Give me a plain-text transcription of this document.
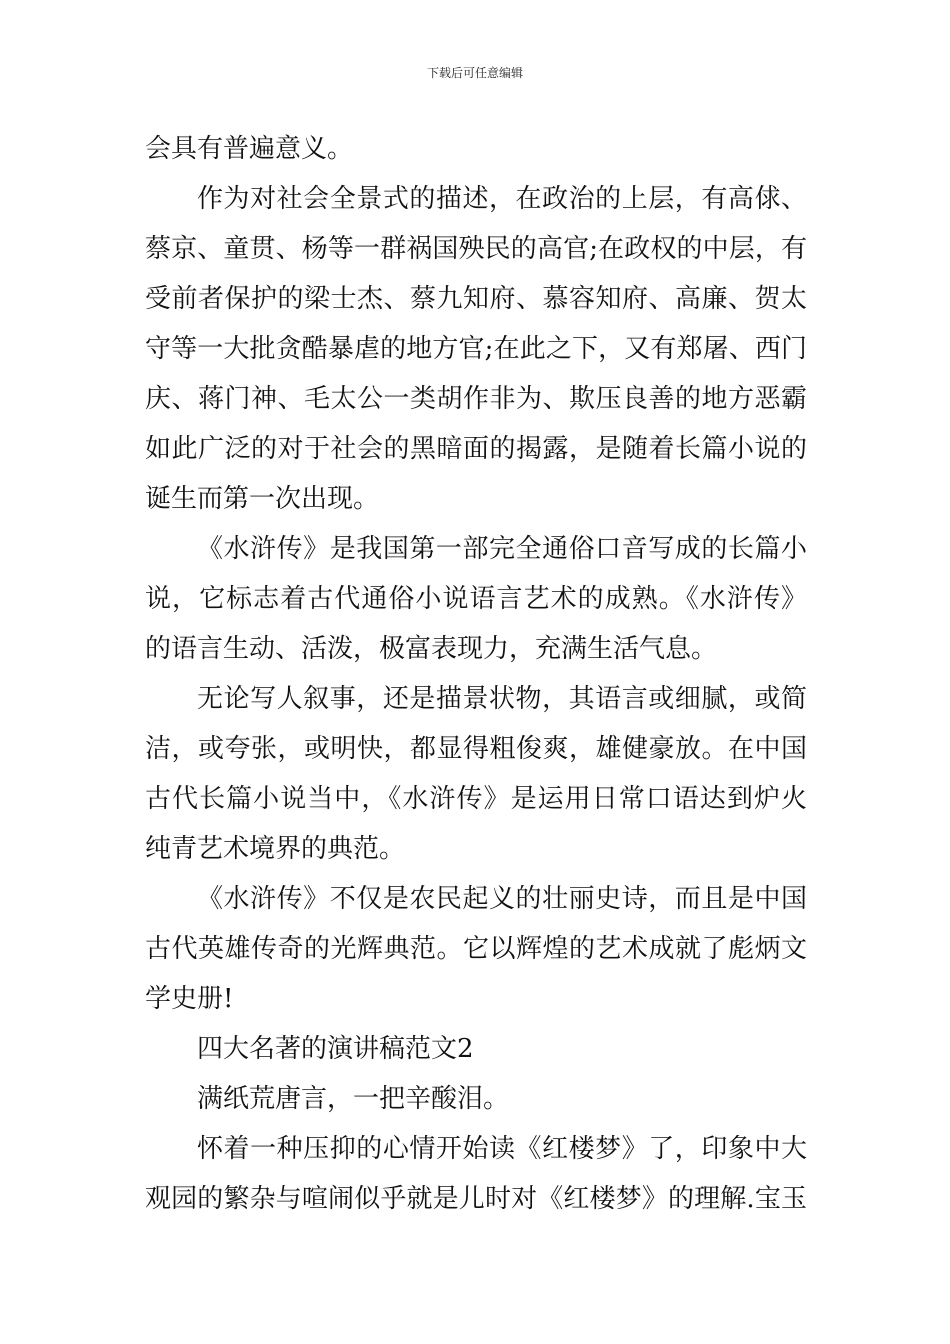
下载后可任意编辑
会具有普遍意义。
作为对社会全景式的描述，在政治的上层，有高俅、
蔡京、童贯、杨等一群祸国殃民的高官;在政权的中层，有
受前者保护的梁士杰、蔡九知府、慕容知府、高廉、贺太
守等一大批贪酷暴虐的地方官;在此之下，又有郑屠、西门
庆、蒋门神、毛太公一类胡作非为、欺压良善的地方恶霸
如此广泛的对于社会的黑暗面的揭露，是随着长篇小说的
诞生而第一次出现。
《水浒传》是我国第一部完全通俗口音写成的长篇小
说，它标志着古代通俗小说语言艺术的成熟。《水浒传》
的语言生动、活泼，极富表现力，充满生活气息。
无论写人叙事，还是描景状物，其语言或细腻，或简
洁，或夸张，或明快，都显得粗俊爽，雄健豪放。在中国
古代长篇小说当中，《水浒传》是运用日常口语达到炉火
纯青艺术境界的典范。
《水浒传》不仅是农民起义的壮丽史诗，而且是中国
古代英雄传奇的光辉典范。它以辉煌的艺术成就了彪炳文
学史册!
四大名著的演讲稿范文2
满纸荒唐言，一把辛酸泪。
怀着一种压抑的心情开始读《红楼梦》了，印象中大
观园的繁杂与喧闹似乎就是儿时对《红楼梦》的理解.宝玉
